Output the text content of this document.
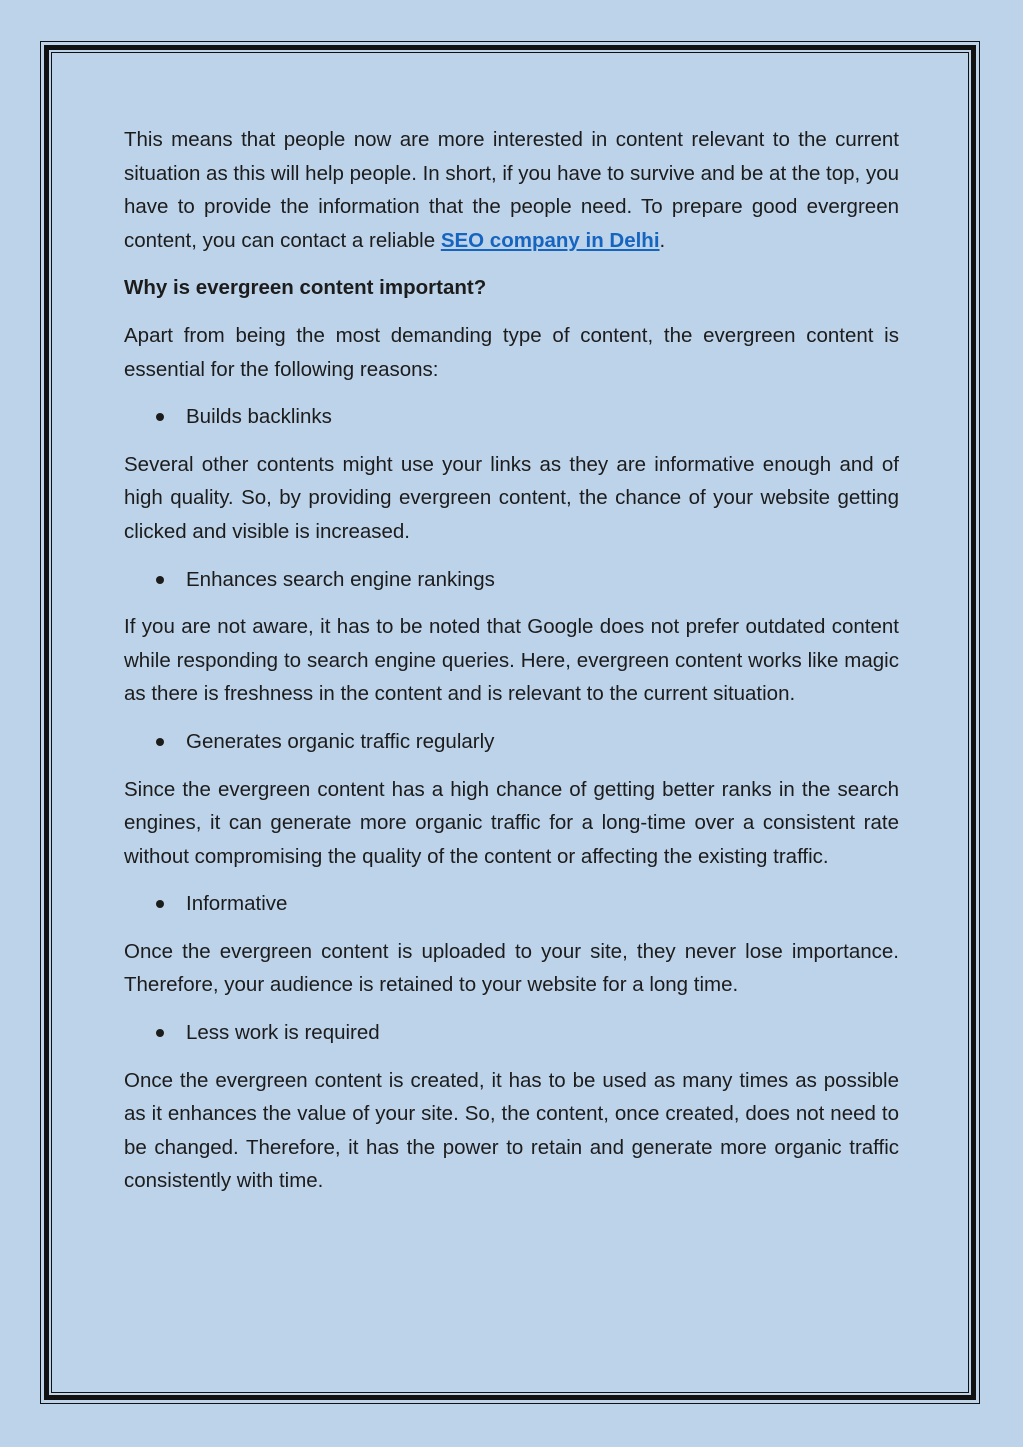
This means that people now are more interested in content relevant to the current situation as this will help people. In short, if you have to survive and be at the top, you have to provide the information that the people need. To prepare good evergreen content, you can contact a reliable SEO company in Delhi.

Why is evergreen content important?

Apart from being the most demanding type of content, the evergreen content is essential for the following reasons:

Builds backlinks

Several other contents might use your links as they are informative enough and of high quality. So, by providing evergreen content, the chance of your website getting clicked and visible is increased.

Enhances search engine rankings

If you are not aware, it has to be noted that Google does not prefer outdated content while responding to search engine queries. Here, evergreen content works like magic as there is freshness in the content and is relevant to the current situation.

Generates organic traffic regularly

Since the evergreen content has a high chance of getting better ranks in the search engines, it can generate more organic traffic for a long-time over a consistent rate without compromising the quality of the content or affecting the existing traffic.

Informative

Once the evergreen content is uploaded to your site, they never lose importance. Therefore, your audience is retained to your website for a long time.

Less work is required

Once the evergreen content is created, it has to be used as many times as possible as it enhances the value of your site. So, the content, once created, does not need to be changed. Therefore, it has the power to retain and generate more organic traffic consistently with time.
